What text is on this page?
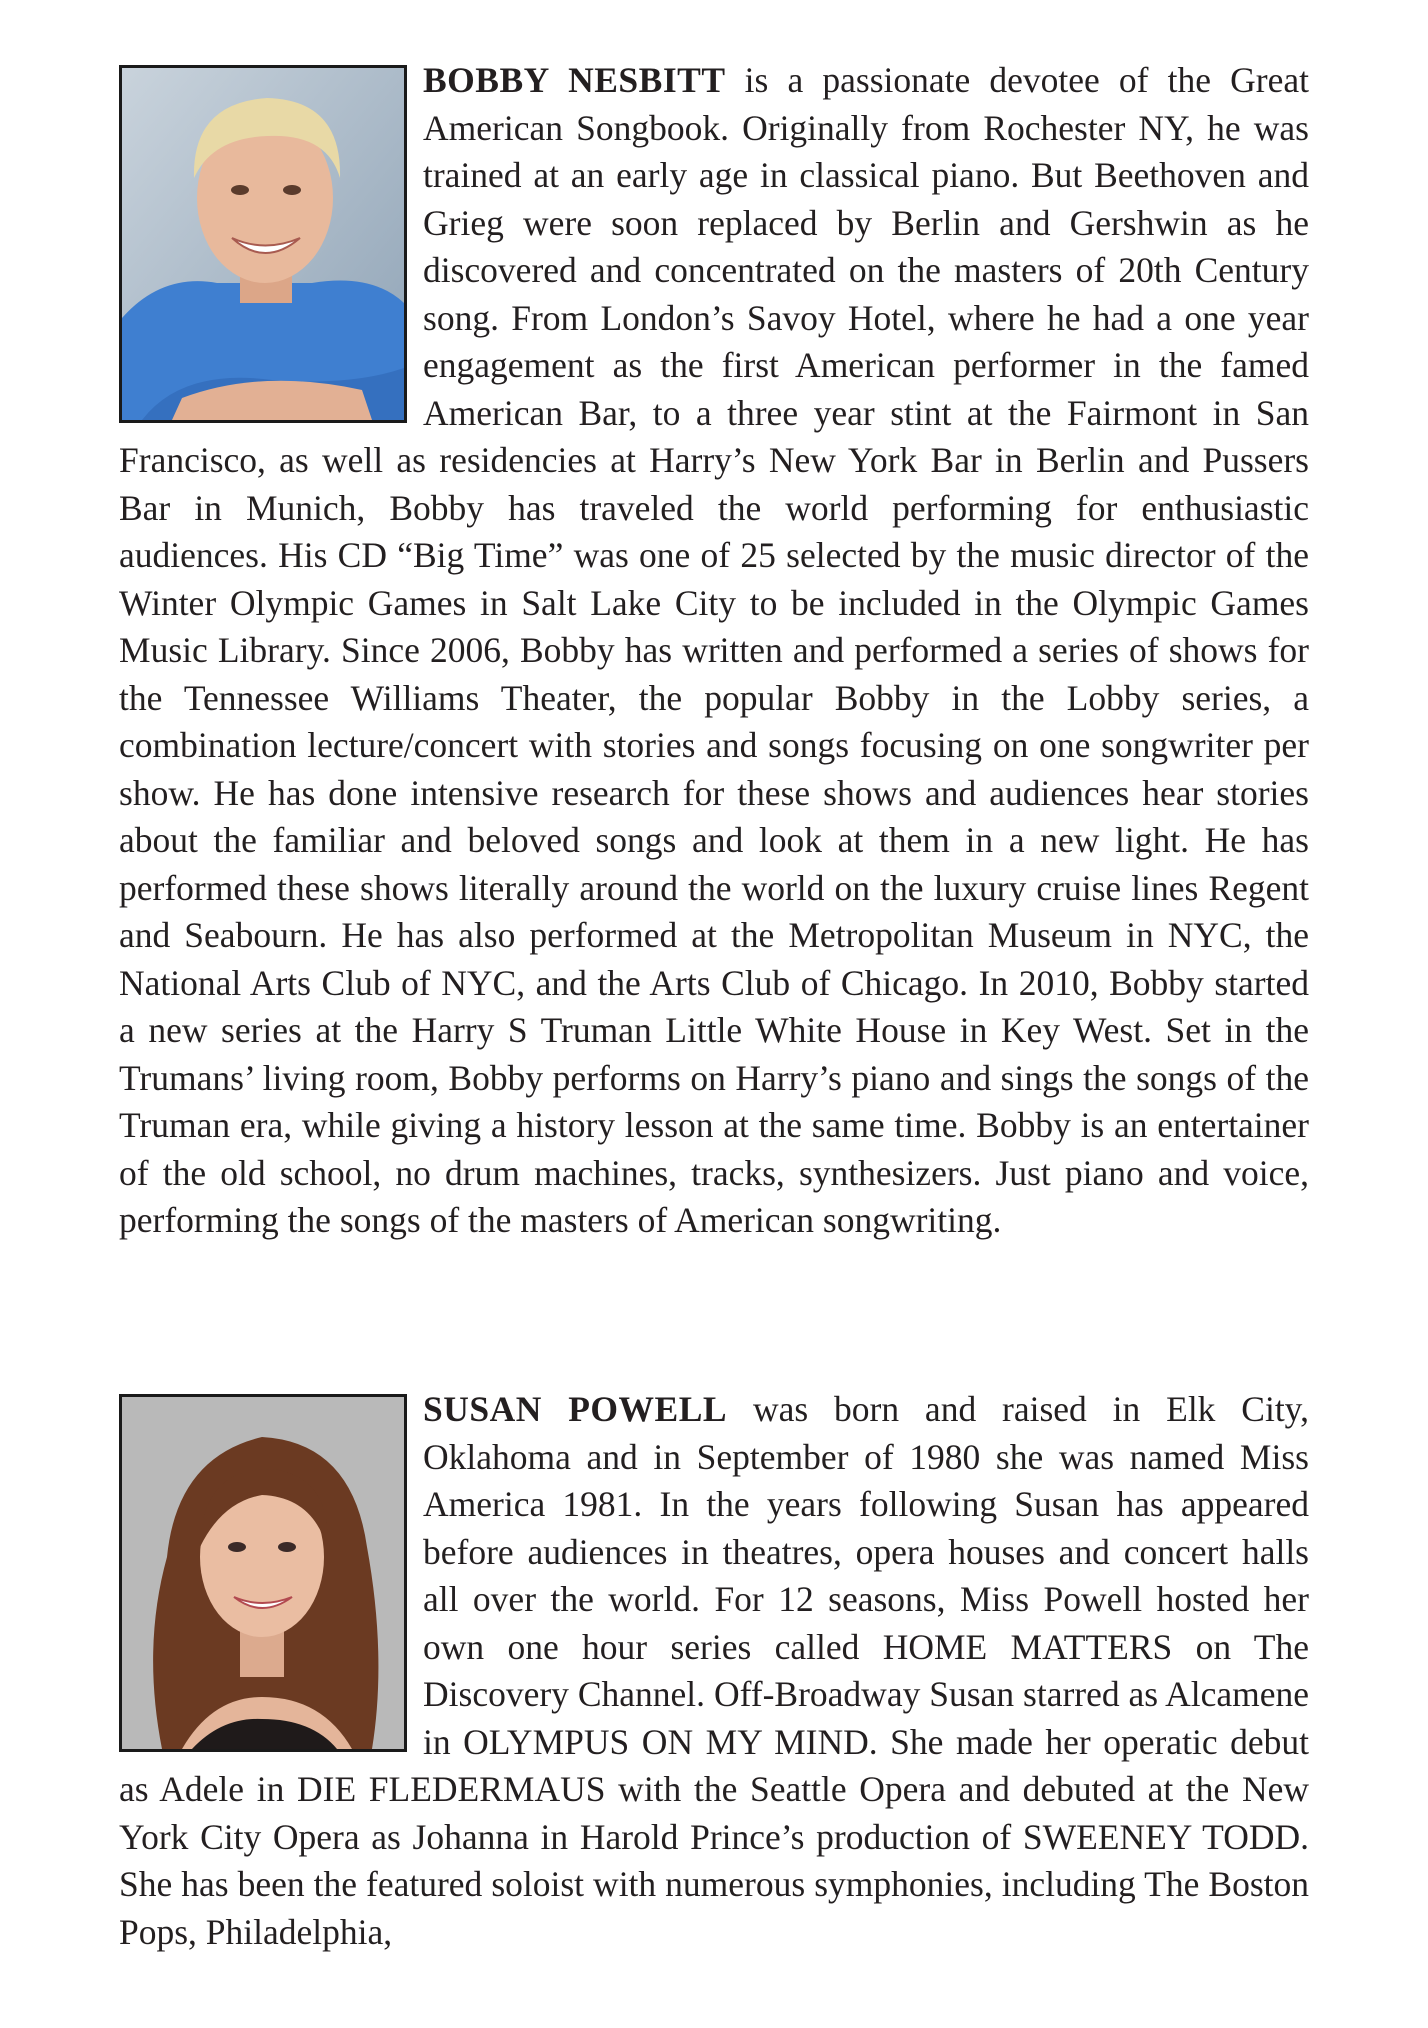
BOBBY NESBITT is a passionate devotee of the Great American Songbook. Originally from Rochester NY, he was trained at an early age in classical piano. But Beethoven and Grieg were soon replaced by Berlin and Gershwin as he discovered and concentrated on the masters of 20th Century song. From London’s Savoy Hotel, where he had a one year engagement as the first American performer in the famed American Bar, to a three year stint at the Fairmont in San Francisco, as well as residencies at Harry’s New York Bar in Berlin and Pussers Bar in Munich, Bobby has traveled the world performing for enthusiastic audiences. His CD “Big Time” was one of 25 selected by the music director of the Winter Olympic Games in Salt Lake City to be included in the Olympic Games Music Library. Since 2006, Bobby has written and performed a series of shows for the Tennessee Williams Theater, the popular Bobby in the Lobby series, a combination lecture/concert with stories and songs focusing on one songwriter per show. He has done intensive research for these shows and audiences hear stories about the familiar and beloved songs and look at them in a new light. He has performed these shows literally around the world on the luxury cruise lines Regent and Seabourn. He has also performed at the Metropolitan Museum in NYC, the National Arts Club of NYC, and the Arts Club of Chicago. In 2010, Bobby started a new series at the Harry S Truman Little White House in Key West. Set in the Trumans’ living room, Bobby performs on Harry’s piano and sings the songs of the Truman era, while giving a history lesson at the same time. Bobby is an entertainer of the old school, no drum machines, tracks, synthesizers. Just piano and voice, performing the songs of the masters of American songwriting.

SUSAN POWELL was born and raised in Elk City, Oklahoma and in September of 1980 she was named Miss America 1981. In the years following Susan has appeared before audiences in theatres, opera houses and concert halls all over the world. For 12 seasons, Miss Powell hosted her own one hour series called HOME MATTERS on The Discovery Channel. Off-Broadway Susan starred as Alcamene in OLYMPUS ON MY MIND. She made her operatic debut as Adele in DIE FLEDERMAUS with the Seattle Opera and debuted at the New York City Opera as Johanna in Harold Prince’s production of SWEENEY TODD. She has been the featured soloist with numerous symphonies, including The Boston Pops, Philadelphia,
